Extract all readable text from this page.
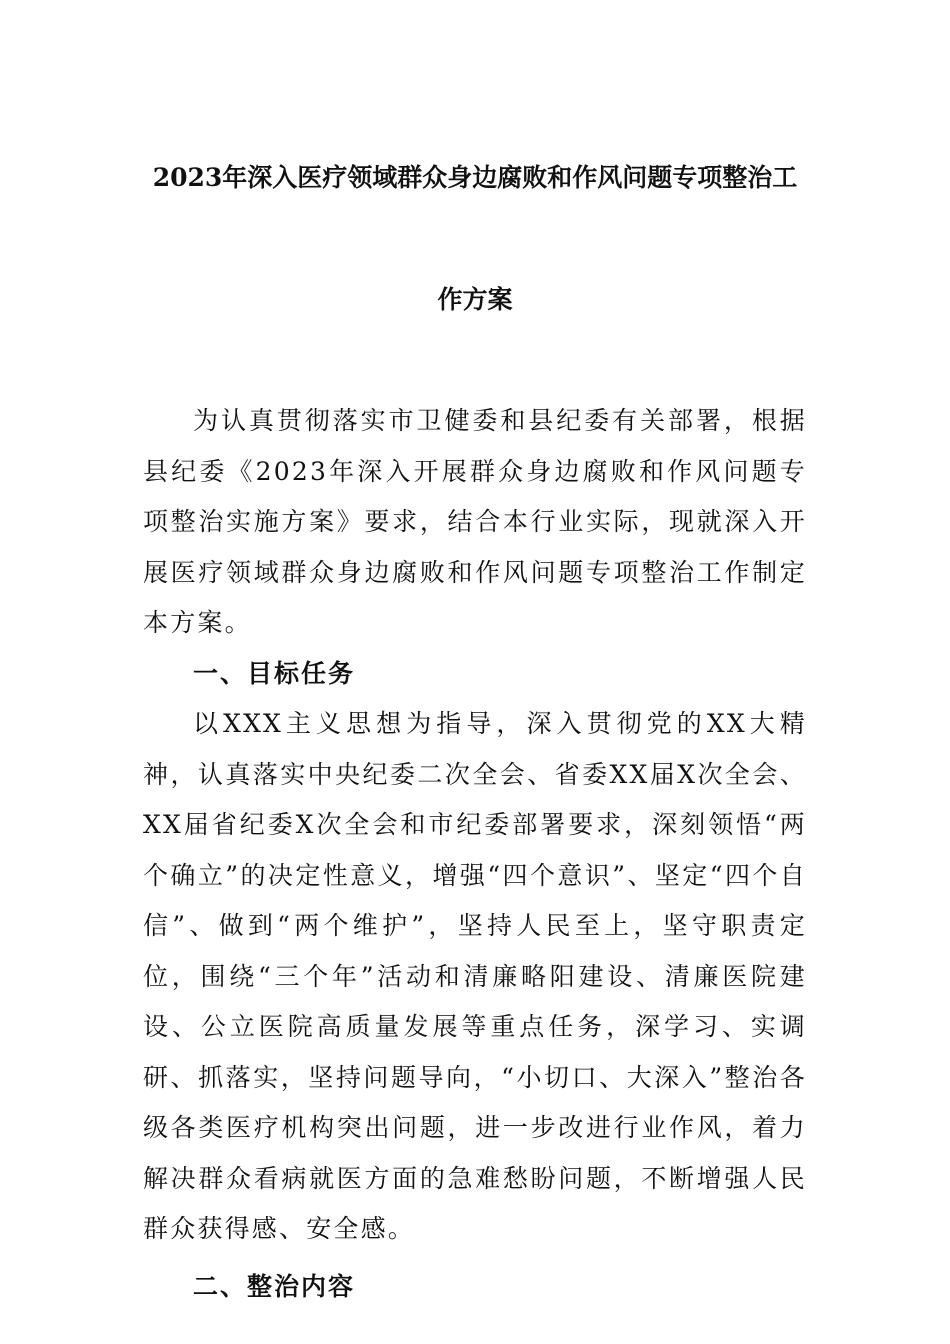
2023年深入医疗领域群众身边腐败和作风问题专项整治工
作方案

为认真贯彻落实市卫健委和县纪委有关部署，根据县纪委《2023年深入开展群众身边腐败和作风问题专项整治实施方案》要求，结合本行业实际，现就深入开展医疗领域群众身边腐败和作风问题专项整治工作制定本方案。

一、目标任务

以XXX主义思想为指导，深入贯彻党的XX大精神，认真落实中央纪委二次全会、省委XX届X次全会、XX届省纪委X次全会和市纪委部署要求，深刻领悟“两个确立”的决定性意义，增强“四个意识”、坚定“四个自信”、做到“两个维护”，坚持人民至上，坚守职责定位，围绕“三个年”活动和清廉略阳建设、清廉医院建设、公立医院高质量发展等重点任务，深学习、实调研、抓落实，坚持问题导向，“小切口、大深入”整治各级各类医疗机构突出问题，进一步改进行业作风，着力解决群众看病就医方面的急难愁盼问题，不断增强人民群众获得感、安全感。

二、整治内容
